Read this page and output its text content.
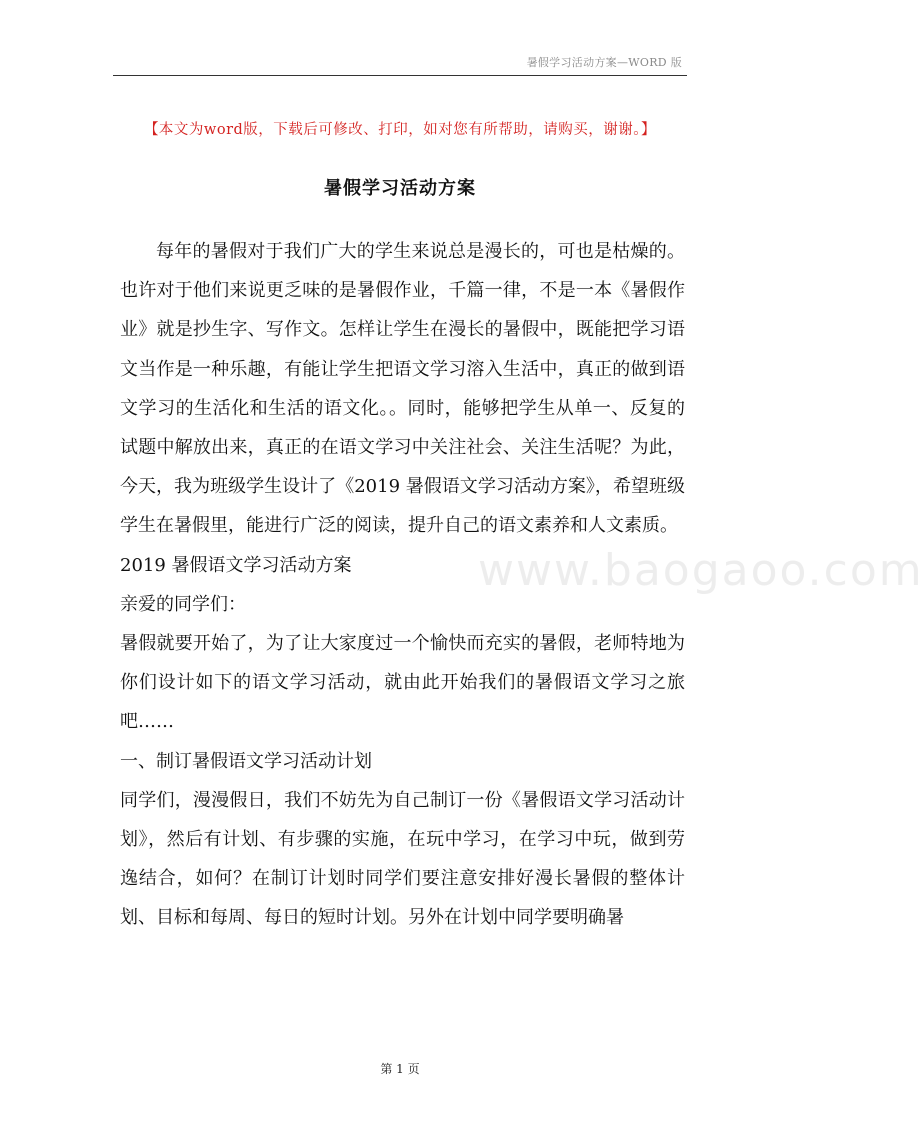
暑假学习活动方案—WORD 版
【本文为word版，下载后可修改、打印，如对您有所帮助，请购买，谢谢。】
暑假学习活动方案
www.baogaoo.com

每年的暑假对于我们广大的学生来说总是漫长的，可也是枯燥的。也许对于他们来说更乏味的是暑假作业，千篇一律，不是一本《暑假作业》就是抄生字、写作文。怎样让学生在漫长的暑假中，既能把学习语文当作是一种乐趣，有能让学生把语文学习溶入生活中，真正的做到语文学习的生活化和生活的语文化。。同时，能够把学生从单一、反复的试题中解放出来，真正的在语文学习中关注社会、关注生活呢？为此，今天，我为班级学生设计了《2019 暑假语文学习活动方案》，希望班级学生在暑假里，能进行广泛的阅读，提升自己的语文素养和人文素质。

2019 暑假语文学习活动方案

亲爱的同学们：

暑假就要开始了，为了让大家度过一个愉快而充实的暑假，老师特地为你们设计如下的语文学习活动，就由此开始我们的暑假语文学习之旅吧……

一、制订暑假语文学习活动计划

同学们，漫漫假日，我们不妨先为自己制订一份《暑假语文学习活动计划》，然后有计划、有步骤的实施，在玩中学习，在学习中玩，做到劳逸结合，如何？在制订计划时同学们要注意安排好漫长暑假的整体计划、目标和每周、每日的短时计划。另外在计划中同学要明确暑

第 1 页
